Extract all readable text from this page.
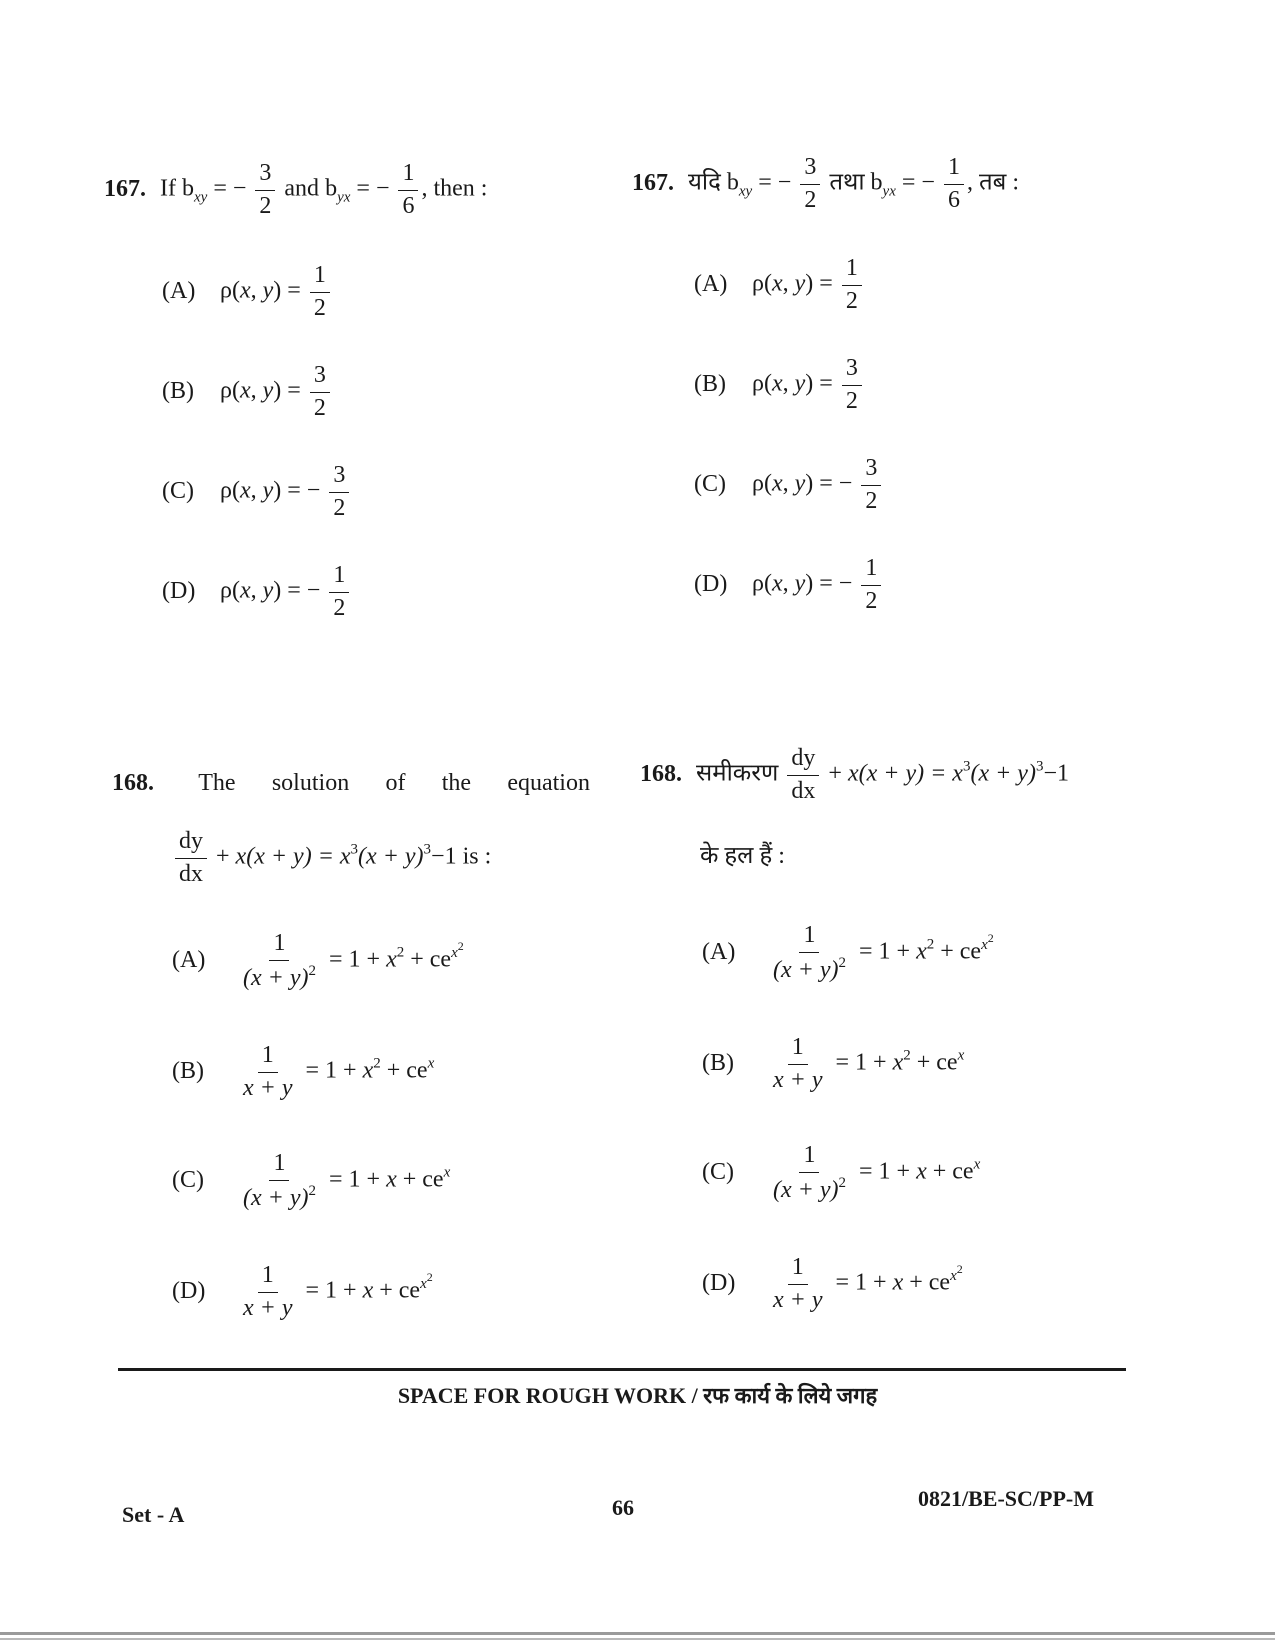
167. If $b_{xy}$ = − $\frac{3}{2}$ and $b_{yx}$ = − $\frac{1}{6}$ , then :
(A) ρ(x, $y) = \frac{1}{2}$
(B) ρ(x, $y) = \frac{3}{2}$
(C) ρ(x, y) = − $\frac{3}{2}$
(D) ρ(x, y) = − $\frac{1}{2}$
167. यदि $b_{xy}$ = − $\frac{3}{2}$ तथा $b_{yx}$ = − $\frac{1}{6}$ , तब :
(A) ρ(x, $y) = \frac{1}{2}$
(B) ρ(x, $y) = \frac{3}{2}$
(C) ρ(x, y) = − $\frac{3}{2}$
(D) ρ(x, y) = − $\frac{1}{2}$
168. The solution of the equation
$\frac{dy}{dx} + x(x + y) = x^3(x + y)^3-1$ is :
$(A) \frac{1}{(x + y)^2} = 1 + x^2 + ce^{x^2}$
$(B) \frac{1}{x + y} = 1 + x^2 + ce^x$
$(C) \frac{1}{(x + y)^2} = 1 + x + ce^x$
$(D) \frac{1}{x + y} = 1 + x + ce^{x^2}$
168. समीकरण $\frac{dy}{dx} + x(x + y) = x^3(x + y)^3-1$
के हल हैं :
$(A) \frac{1}{(x + y)^2} = 1 + x^2 + ce^{x^2}$
$(B) \frac{1}{x + y} = 1 + x^2 + ce^x$
$(C) \frac{1}{(x + y)^2} = 1 + x + ce^x$
$(D) \frac{1}{x + y} = 1 + x + ce^{x^2}$
SPACE FOR ROUGH WORK / रफ कार्य के लिये जगह
Set - A	66	0821/BE-SC/PP-M
